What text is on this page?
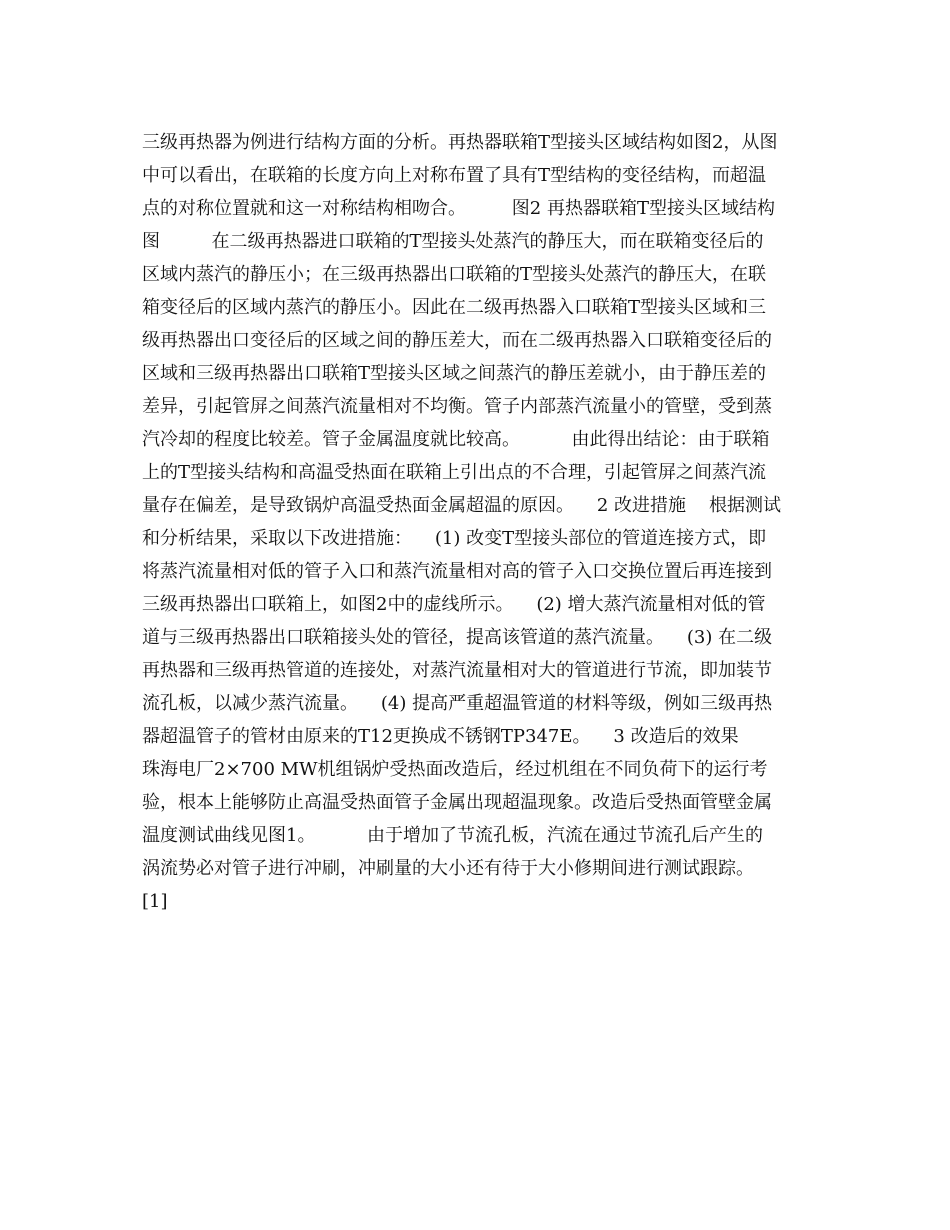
三级再热器为例进行结构方面的分析。再热器联箱T型接头区域结构如图2，从图
中可以看出，在联箱的长度方向上对称布置了具有T型结构的变径结构，而超温
点的对称位置就和这一对称结构相吻合。        图2 再热器联箱T型接头区域结构
图         在二级再热器进口联箱的T型接头处蒸汽的静压大，而在联箱变径后的
区域内蒸汽的静压小；在三级再热器出口联箱的T型接头处蒸汽的静压大，在联
箱变径后的区域内蒸汽的静压小。因此在二级再热器入口联箱T型接头区域和三
级再热器出口变径后的区域之间的静压差大，而在二级再热器入口联箱变径后的
区域和三级再热器出口联箱T型接头区域之间蒸汽的静压差就小，由于静压差的
差异，引起管屏之间蒸汽流量相对不均衡。管子内部蒸汽流量小的管壁，受到蒸
汽冷却的程度比较差。管子金属温度就比较高。         由此得出结论：由于联箱
上的T型接头结构和高温受热面在联箱上引出点的不合理，引起管屏之间蒸汽流
量存在偏差，是导致锅炉高温受热面金属超温的原因。    2 改进措施    根据测试
和分析结果，采取以下改进措施：    (1) 改变T型接头部位的管道连接方式，即
将蒸汽流量相对低的管子入口和蒸汽流量相对高的管子入口交换位置后再连接到
三级再热器出口联箱上，如图2中的虚线所示。    (2) 增大蒸汽流量相对低的管
道与三级再热器出口联箱接头处的管径，提高该管道的蒸汽流量。    (3) 在二级
再热器和三级再热管道的连接处，对蒸汽流量相对大的管道进行节流，即加装节
流孔板，以减少蒸汽流量。    (4) 提高严重超温管道的材料等级，例如三级再热
器超温管子的管材由原来的T12更换成不锈钢TP347E。    3 改造后的效果
珠海电厂2×700 MW机组锅炉受热面改造后，经过机组在不同负荷下的运行考
验，根本上能够防止高温受热面管子金属出现超温现象。改造后受热面管壁金属
温度测试曲线见图1。         由于增加了节流孔板，汽流在通过节流孔后产生的
涡流势必对管子进行冲刷，冲刷量的大小还有待于大小修期间进行测试跟踪。
[1]
